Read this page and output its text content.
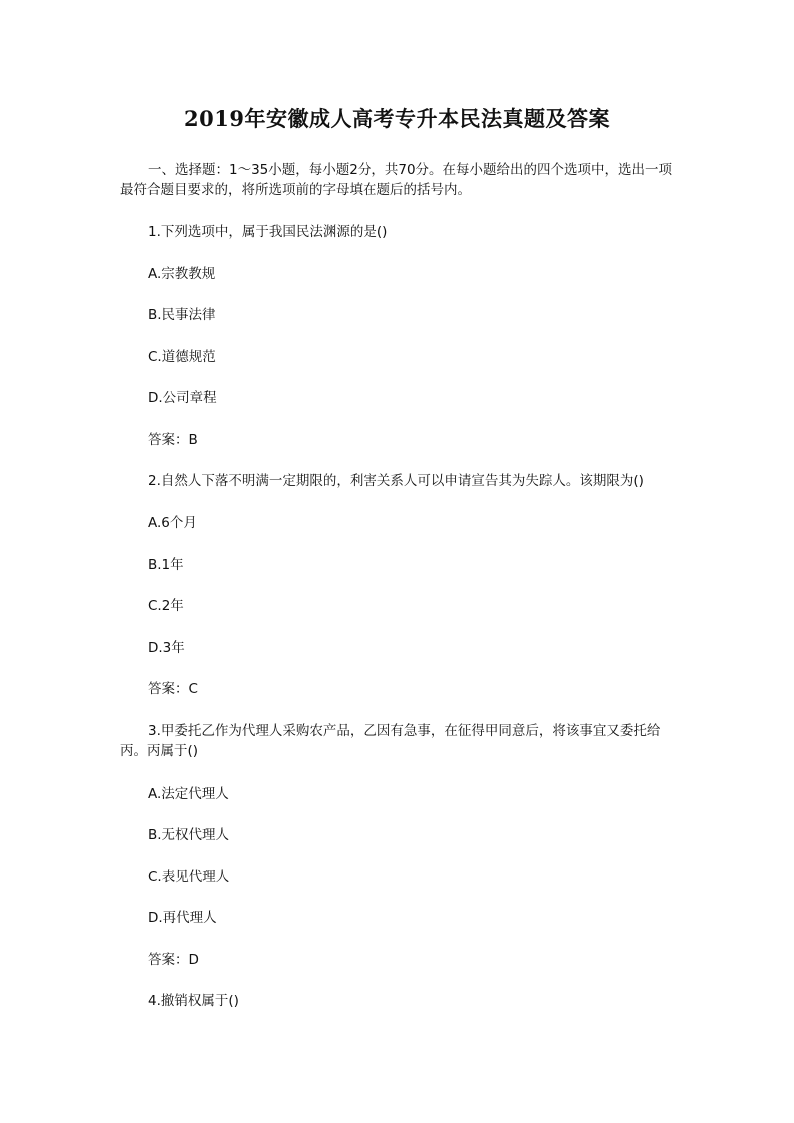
2019年安徽成人高考专升本民法真题及答案
一、选择题：1～35小题，每小题2分，共70分。在每小题给出的四个选项中，选出一项最符合题目要求的，将所选项前的字母填在题后的括号内。
1.下列选项中，属于我国民法渊源的是()
A.宗教教规
B.民事法律
C.道德规范
D.公司章程
答案：B
2.自然人下落不明满一定期限的，利害关系人可以申请宣告其为失踪人。该期限为()
A.6个月
B.1年
C.2年
D.3年
答案：C
3.甲委托乙作为代理人采购农产品，乙因有急事，在征得甲同意后，将该事宜又委托给丙。丙属于()
A.法定代理人
B.无权代理人
C.表见代理人
D.再代理人
答案：D
4.撤销权属于()
